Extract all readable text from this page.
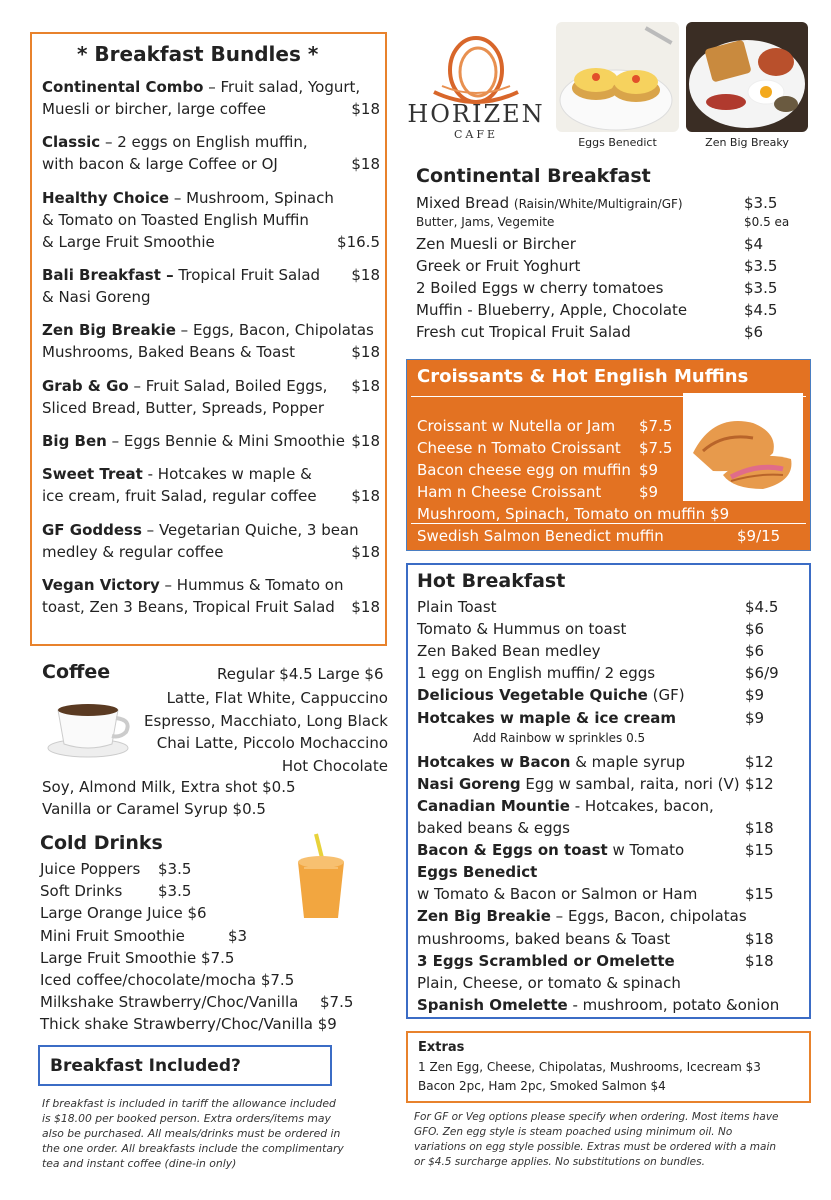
* Breakfast Bundles *
Continental Combo – Fruit salad, Yogurt,
Muesli or bircher, large coffee	$18
Classic – 2 eggs on English muffin,
with bacon & large Coffee or OJ	$18
Healthy Choice – Mushroom, Spinach
& Tomato on Toasted English Muffin
& Large Fruit Smoothie	$16.5
Bali Breakfast – Tropical Fruit Salad $18
& Nasi Goreng
Zen Big Breakie – Eggs, Bacon, Chipolatas
Mushrooms, Baked Beans & Toast	$18
Grab & Go – Fruit Salad, Boiled Eggs, $18
Sliced Bread, Butter, Spreads, Popper
Big Ben – Eggs Bennie & Mini Smoothie $18
Sweet Treat - Hotcakes w maple &
ice cream, fruit Salad, regular coffee $18
GF Goddess – Vegetarian Quiche, 3 bean
medley & regular coffee	$18
Vegan Victory – Hummus & Tomato on
toast, Zen 3 Beans, Tropical Fruit Salad $18
HORIZEN
CAFE
Eggs Benedict	Zen Big Breaky
Continental Breakfast
Mixed Bread (Raisin/White/Multigrain/GF)	$3.5
Butter, Jams, Vegemite	$0.5 ea
Zen Muesli or Bircher	$4
Greek or Fruit Yoghurt	$3.5
2 Boiled Eggs w cherry tomatoes	$3.5
Muffin - Blueberry, Apple, Chocolate	$4.5
Fresh cut Tropical Fruit Salad	$6
Croissants & Hot English Muffins
Croissant w Nutella or Jam $7.5
Cheese n Tomato Croissant $7.5
Bacon cheese egg on muffin $9
Ham n Cheese Croissant	$9
Mushroom, Spinach, Tomato on muffin $9
Swedish Salmon Benedict muffin	$9/15
Hot Breakfast
Plain Toast	$4.5
Tomato & Hummus on toast	$6
Zen Baked Bean medley	$6
1 egg on English muffin/ 2 eggs	$6/9
Delicious Vegetable Quiche (GF)	$9
Hotcakes w maple & ice cream	$9
Add Rainbow w sprinkles 0.5
Hotcakes w Bacon & maple syrup	$12
Nasi Goreng Egg w sambal, raita, nori (V) $12
Canadian Mountie - Hotcakes, bacon,
baked beans & eggs	$18
Bacon & Eggs on toast w Tomato	$15
Eggs Benedict
w Tomato & Bacon or Salmon or Ham	$15
Zen Big Breakie – Eggs, Bacon, chipolatas
mushrooms, baked beans & Toast	$18
3 Eggs Scrambled or Omelette	$18
Plain, Cheese, or tomato & spinach
Spanish Omelette - mushroom, potato &onion
Extras
1 Zen Egg, Cheese, Chipolatas, Mushrooms, Icecream $3
Bacon 2pc, Ham 2pc, Smoked Salmon $4
For GF or Veg options please specify when ordering. Most items have
GFO. Zen egg style is steam poached using minimum oil. No
variations on egg style possible. Extras must be ordered with a main
or $4.5 surcharge applies. No substitutions on bundles.
Coffee	Regular $4.5 Large $6
Latte, Flat White, Cappuccino
Espresso, Macchiato, Long Black
Chai Latte, Piccolo Mochaccino
Hot Chocolate
Soy, Almond Milk, Extra shot $0.5
Vanilla or Caramel Syrup $0.5
Cold Drinks
Juice Poppers $3.5
Soft Drinks $3.5
Large Orange Juice $6
Mini Fruit Smoothie	$3
Large Fruit Smoothie $7.5
Iced coffee/chocolate/mocha $7.5
Milkshake Strawberry/Choc/Vanilla $7.5
Thick shake Strawberry/Choc/Vanilla $9
Breakfast Included?
If breakfast is included in tariff the allowance included
is $18.00 per booked person. Extra orders/items may
also be purchased. All meals/drinks must be ordered in
the one order. All breakfasts include the complimentary
tea and instant coffee (dine-in only)
